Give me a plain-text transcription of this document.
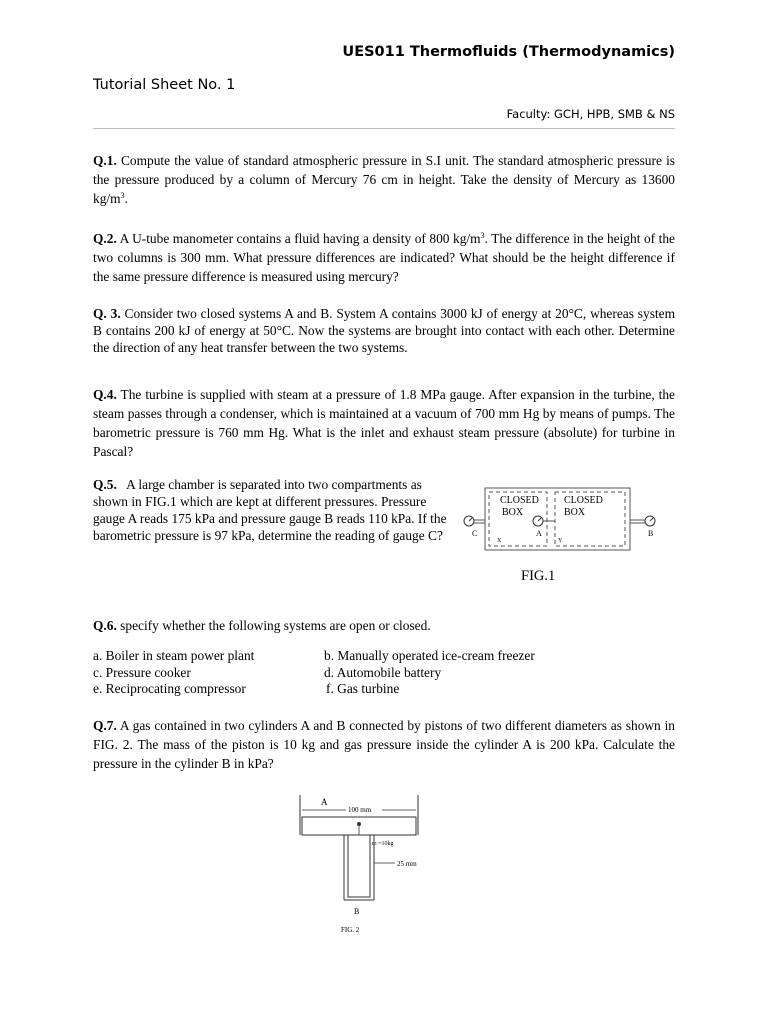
UES011 Thermofluids (Thermodynamics)
Tutorial Sheet No. 1
Faculty: GCH, HPB, SMB & NS
Q.1. Compute the value of standard atmospheric pressure in S.I unit. The standard atmospheric pressure is the pressure produced by a column of Mercury 76 cm in height. Take the density of Mercury as 13600 $kg/m^3$.
Q.2. A U-tube manometer contains a fluid having a density of 800 $kg/m^3$. The difference in the height of the two columns is 300 mm. What pressure differences are indicated? What should be the height difference if the same pressure difference is measured using mercury?
Q. 3. Consider two closed systems A and B. System A contains 3000 kJ of energy at 20°C, whereas system B contains 200 kJ of energy at 50°C. Now the systems are brought into contact with each other. Determine the direction of any heat transfer between the two systems.
Q.4. The turbine is supplied with steam at a pressure of 1.8 MPa gauge. After expansion in the turbine, the steam passes through a condenser, which is maintained at a vacuum of 700 mm Hg by means of pumps. The barometric pressure is 760 mm Hg. What is the inlet and exhaust steam pressure (absolute) for turbine in Pascal?
Q.5. A large chamber is separated into two compartments as shown in FIG.1 which are kept at different pressures. Pressure gauge A reads 175 kPa and pressure gauge B reads 110 kPa. If the barometric pressure is 97 kPa, determine the reading of gauge C?
CLOSED
BOX
CLOSED
BOX
C	A	B
X	Y
FIG.1
Q.6. specify whether the following systems are open or closed.
a. Boiler in steam power plant	b. Manually operated ice-cream freezer
c. Pressure cooker	d. Automobile battery
e. Reciprocating compressor	f. Gas turbine
Q.7. A gas contained in two cylinders A and B connected by pistons of two different diameters as shown in FIG. 2. The mass of the piston is 10 kg and gas pressure inside the cylinder A is 200 kPa. Calculate the pressure in the cylinder B in kPa?
A
100 mm
m =10kg
25 mm
B
FIG. 2
